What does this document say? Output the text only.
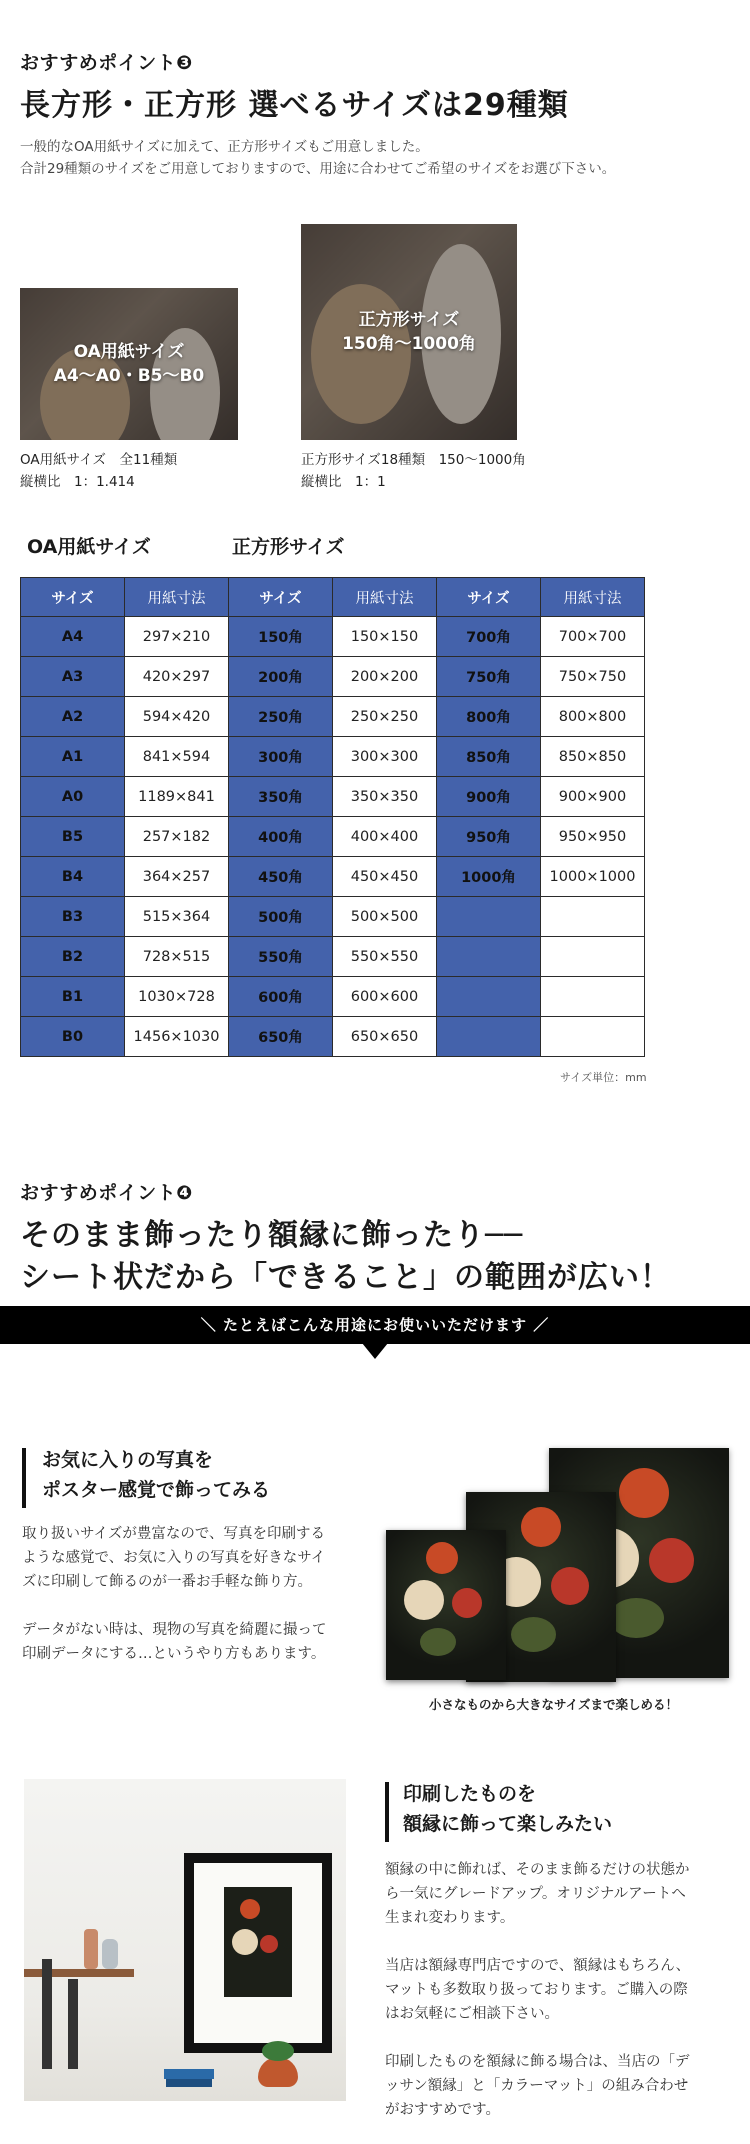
おすすめポイント❸
長方形・正方形 選べるサイズは29種類
一般的なOA用紙サイズに加えて、正方形サイズもご用意しました。
合計29種類のサイズをご用意しておりますので、用途に合わせてご希望のサイズをお選び下さい。
OA用紙サイズ
A4〜A0・B5〜B0
OA用紙サイズ　全11種類
縦横比　1：1.414
正方形サイズ
150角〜1000角
正方形サイズ18種類　150〜1000角
縦横比　1：1
OA用紙サイズ	正方形サイズ
サイズ	用紙寸法	サイズ	用紙寸法	サイズ	用紙寸法
A4	297×210	150角	150×150	700角	700×700
A3	420×297	200角	200×200	750角	750×750
A2	594×420	250角	250×250	800角	800×800
A1	841×594	300角	300×300	850角	850×850
A0	1189×841	350角	350×350	900角	900×900
B5	257×182	400角	400×400	950角	950×950
B4	364×257	450角	450×450	1000角	1000×1000
B3	515×364	500角	500×500		
B2	728×515	550角	550×550		
B1	1030×728	600角	600×600		
B0	1456×1030	650角	650×650		
サイズ単位：mm
おすすめポイント❹
そのまま飾ったり額縁に飾ったり──
シート状だから「できること」の範囲が広い！
＼ たとえばこんな用途にお使いいただけます ／
お気に入りの写真を
ポスター感覚で飾ってみる
取り扱いサイズが豊富なので、写真を印刷する
ような感覚で、お気に入りの写真を好きなサイ
ズに印刷して飾るのが一番お手軽な飾り方。
データがない時は、現物の写真を綺麗に撮って
印刷データにする…というやり方もあります。
小さなものから大きなサイズまで楽しめる！
印刷したものを
額縁に飾って楽しみたい
額縁の中に飾れば、そのまま飾るだけの状態か
ら一気にグレードアップ。オリジナルアートへ
生まれ変わります。
当店は額縁専門店ですので、額縁はもちろん、
マットも多数取り扱っております。ご購入の際
はお気軽にご相談下さい。
印刷したものを額縁に飾る場合は、当店の「デ
ッサン額縁」と「カラーマット」の組み合わせ
がおすすめです。
